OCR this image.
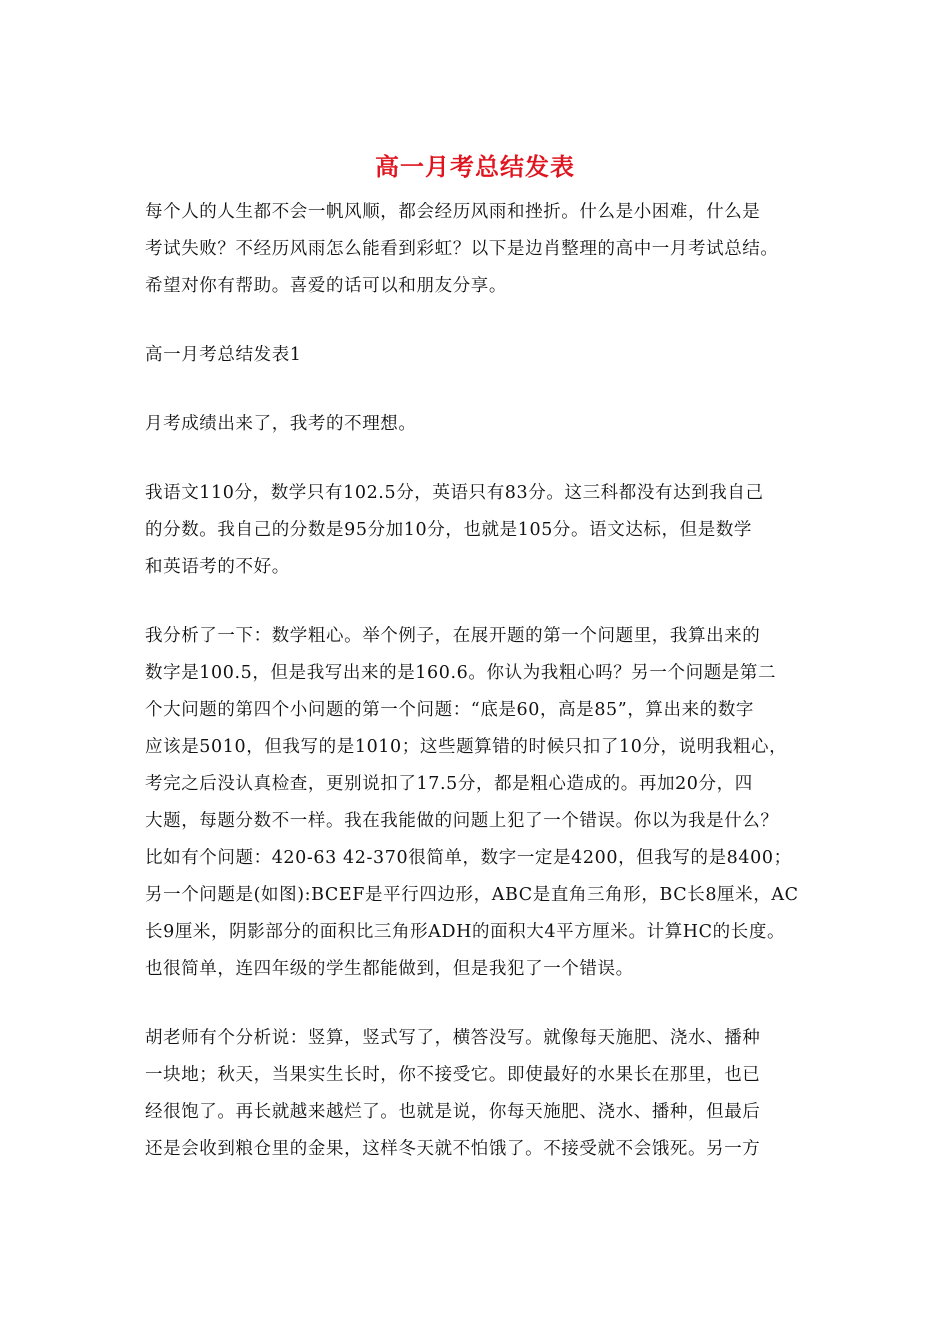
高一月考总结发表
每个人的人生都不会一帆风顺，都会经历风雨和挫折。什么是小困难，什么是
考试失败？不经历风雨怎么能看到彩虹？以下是边肖整理的高中一月考试总结。
希望对你有帮助。喜爱的话可以和朋友分享。
高一月考总结发表1
月考成绩出来了，我考的不理想。
我语文110分，数学只有102.5分，英语只有83分。这三科都没有达到我自己
的分数。我自己的分数是95分加10分，也就是105分。语文达标，但是数学
和英语考的不好。
我分析了一下：数学粗心。举个例子，在展开题的第一个问题里，我算出来的
数字是100.5，但是我写出来的是160.6。你认为我粗心吗？另一个问题是第二
个大问题的第四个小问题的第一个问题：“底是60，高是85”，算出来的数字
应该是5010，但我写的是1010；这些题算错的时候只扣了10分，说明我粗心，
考完之后没认真检查，更别说扣了17.5分，都是粗心造成的。再加20分，四
大题，每题分数不一样。我在我能做的问题上犯了一个错误。你以为我是什么？
比如有个问题：420-63 42-370很简单，数字一定是4200，但我写的是8400；
另一个问题是(如图):BCEF是平行四边形，ABC是直角三角形，BC长8厘米，AC
长9厘米，阴影部分的面积比三角形ADH的面积大4平方厘米。计算HC的长度。
也很简单，连四年级的学生都能做到，但是我犯了一个错误。
胡老师有个分析说：竖算，竖式写了，横答没写。就像每天施肥、浇水、播种
一块地；秋天，当果实生长时，你不接受它。即使最好的水果长在那里，也已
经很饱了。再长就越来越烂了。也就是说，你每天施肥、浇水、播种，但最后
还是会收到粮仓里的金果，这样冬天就不怕饿了。不接受就不会饿死。另一方
